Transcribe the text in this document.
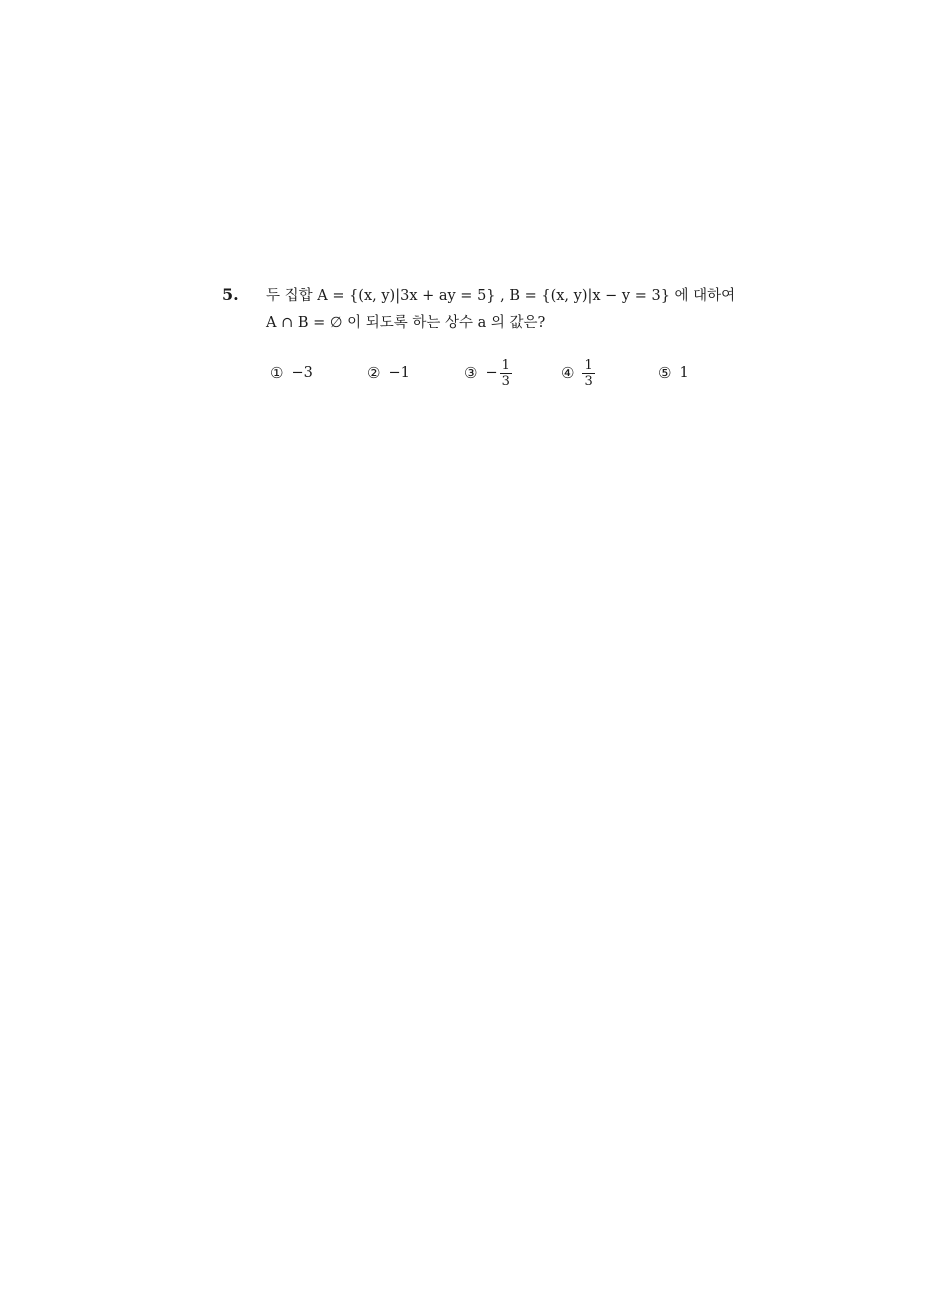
5. 두 집합 A = {(x, y)|3x + ay = 5} , B = {(x, y)|x − y = 3} 에 대하여
A ∩ B = ∅ 이 되도록 하는 상수 a 의 값은?
① −3	② −1	③ − $\frac{1}{3}$	④ $\frac{1}{3}$	⑤ 1
